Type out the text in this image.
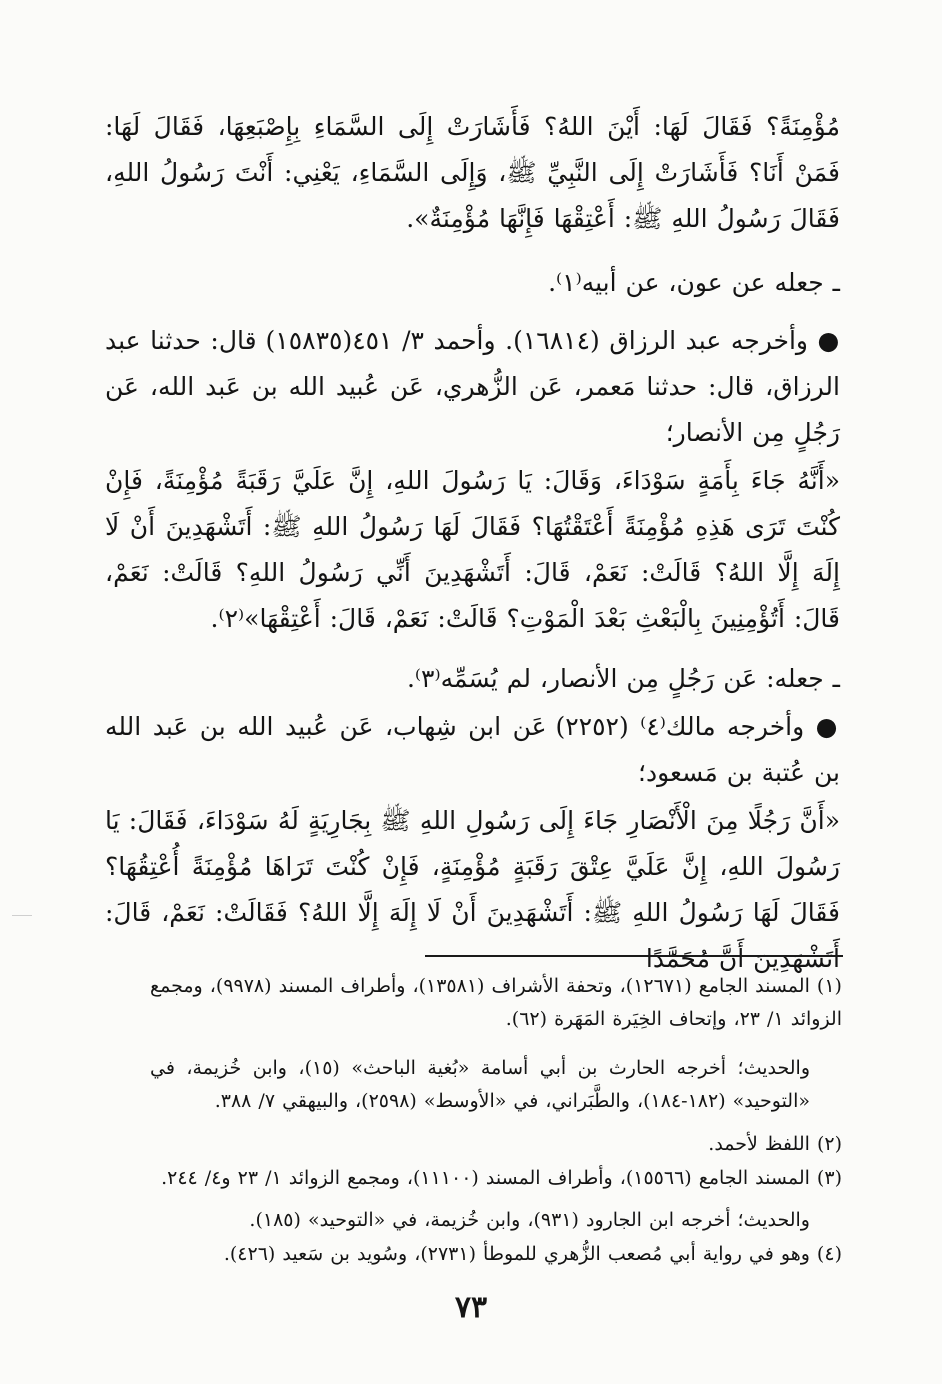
مُؤْمِنَةً؟ فَقَالَ لَهَا: أَيْنَ اللهُ؟ فَأَشَارَتْ إِلَى السَّمَاءِ بِإِصْبَعِهَا، فَقَالَ لَهَا: فَمَنْ أَنَا؟ فَأَشَارَتْ إِلَى النَّبِيِّ ﷺ، وَإِلَى السَّمَاءِ، يَعْنِي: أَنْتَ رَسُولُ اللهِ، فَقَالَ رَسُولُ اللهِ ﷺ: أَعْتِقْهَا فَإِنَّهَا مُؤْمِنَةٌ».
ـ جعله عن عون، عن أبيه⁽١⁾.
● وأخرجه عبد الرزاق (١٦٨١٤). وأحمد ٣/ ٤٥١(١٥٨٣٥) قال: حدثنا عبد الرزاق، قال: حدثنا مَعمر، عَن الزُّهري، عَن عُبيد الله بن عَبد الله، عَن رَجُلٍ مِن الأنصار؛
«أَنَّهُ جَاءَ بِأَمَةٍ سَوْدَاءَ، وَقَالَ: يَا رَسُولَ اللهِ، إِنَّ عَلَيَّ رَقَبَةً مُؤْمِنَةً، فَإِنْ كُنْتَ تَرَى هَذِهِ مُؤْمِنَةً أَعْتَقْتُهَا؟ فَقَالَ لَهَا رَسُولُ اللهِ ﷺ: أَتَشْهَدِينَ أَنْ لَا إِلَهَ إِلَّا اللهُ؟ قَالَتْ: نَعَمْ، قَالَ: أَتَشْهَدِينَ أَنِّي رَسُولُ اللهِ؟ قَالَتْ: نَعَمْ، قَالَ: أَتُؤْمِنِينَ بِالْبَعْثِ بَعْدَ الْمَوْتِ؟ قَالَتْ: نَعَمْ، قَالَ: أَعْتِقْهَا»⁽٢⁾.
ـ جعله: عَن رَجُلٍ مِن الأنصار، لم يُسَمِّه⁽٣⁾.
● وأخرجه مالك⁽٤⁾ (٢٢٥٢) عَن ابن شِهاب، عَن عُبيد الله بن عَبد الله بن عُتبة بن مَسعود؛
«أَنَّ رَجُلًا مِنَ الْأَنْصَارِ جَاءَ إِلَى رَسُولِ اللهِ ﷺ بِجَارِيَةٍ لَهُ سَوْدَاءَ، فَقَالَ: يَا رَسُولَ اللهِ، إِنَّ عَلَيَّ عِتْقَ رَقَبَةٍ مُؤْمِنَةٍ، فَإِنْ كُنْتَ تَرَاهَا مُؤْمِنَةً أُعْتِقُهَا؟ فَقَالَ لَهَا رَسُولُ اللهِ ﷺ: أَتَشْهَدِينَ أَنْ لَا إِلَهَ إِلَّا اللهُ؟ فَقَالَتْ: نَعَمْ، قَالَ: أَتَشْهَدِينَ أَنَّ مُحَمَّدًا
(١) المسند الجامع (١٢٦٧١)، وتحفة الأشراف (١٣٥٨١)، وأطراف المسند (٩٩٧٨)، ومجمع الزوائد ١/ ٢٣، وإتحاف الخِيَرة المَهَرة (٦٢).
والحديث؛ أخرجه الحارث بن أبي أسامة «بُغية الباحث» (١٥)، وابن خُزيمة، في «التوحيد» (١٨٢-١٨٤)، والطَّبَراني، في «الأوسط» (٢٥٩٨)، والبيهقي ٧/ ٣٨٨.
(٢) اللفظ لأحمد.
(٣) المسند الجامع (١٥٥٦٦)، وأطراف المسند (١١١٠٠)، ومجمع الزوائد ١/ ٢٣ و٤/ ٢٤٤.
والحديث؛ أخرجه ابن الجارود (٩٣١)، وابن خُزيمة، في «التوحيد» (١٨٥).
(٤) وهو في رواية أبي مُصعب الزُّهري للموطأ (٢٧٣١)، وسُويد بن سَعيد (٤٢٦).
٧٣
